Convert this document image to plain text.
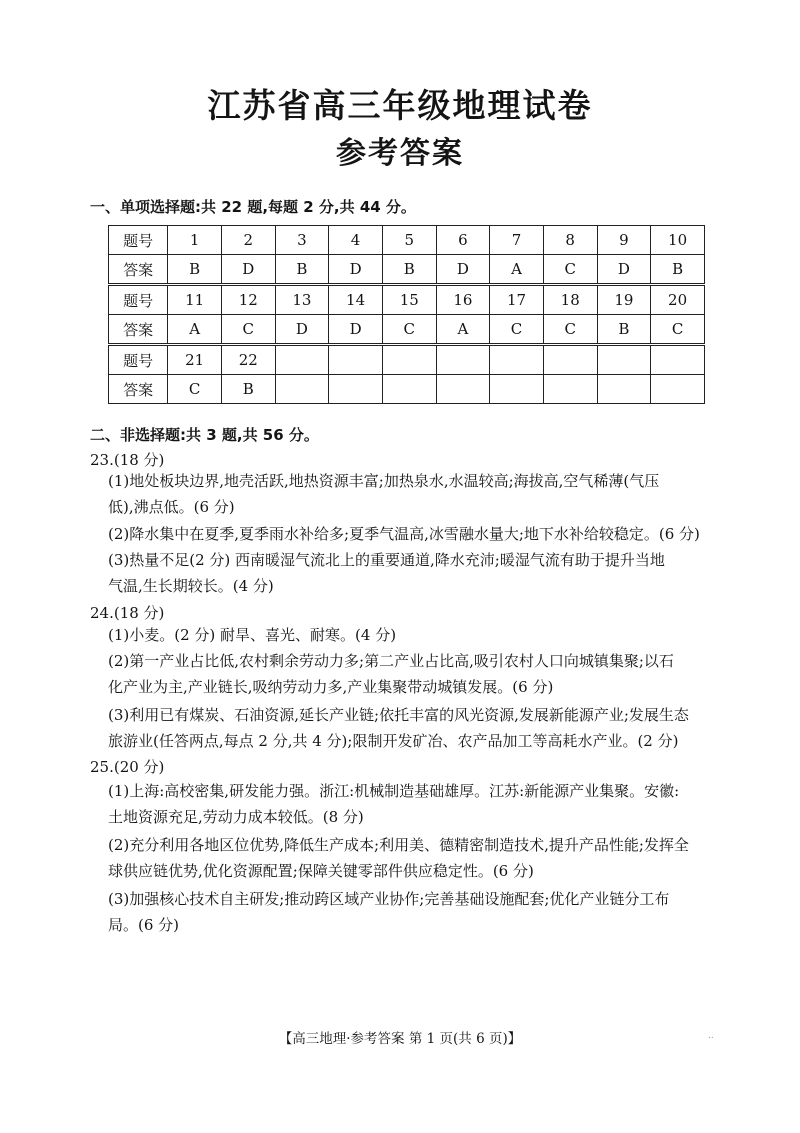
江苏省高三年级地理试卷
参考答案
一、单项选择题:共 22 题,每题 2 分,共 44 分。
题号	1	2	3	4	5	6	7	8	9	10
答案	B	D	B	D	B	D	A	C	D	B
题号	11	12	13	14	15	16	17	18	19	20
答案	A	C	D	D	C	A	C	C	B	C
题号	21	22								
答案	C	B								
二、非选择题:共 3 题,共 56 分。
23.(18 分)
(1)地处板块边界,地壳活跃,地热资源丰富;加热泉水,水温较高;海拔高,空气稀薄(气压
低),沸点低。(6 分)
(2)降水集中在夏季,夏季雨水补给多;夏季气温高,冰雪融水量大;地下水补给较稳定。(6 分)
(3)热量不足(2 分) 西南暖湿气流北上的重要通道,降水充沛;暖湿气流有助于提升当地
气温,生长期较长。(4 分)
24.(18 分)
(1)小麦。(2 分) 耐旱、喜光、耐寒。(4 分)
(2)第一产业占比低,农村剩余劳动力多;第二产业占比高,吸引农村人口向城镇集聚;以石
化产业为主,产业链长,吸纳劳动力多,产业集聚带动城镇发展。(6 分)
(3)利用已有煤炭、石油资源,延长产业链;依托丰富的风光资源,发展新能源产业;发展生态
旅游业(任答两点,每点 2 分,共 4 分);限制开发矿冶、农产品加工等高耗水产业。(2 分)
25.(20 分)
(1)上海:高校密集,研发能力强。浙江:机械制造基础雄厚。江苏:新能源产业集聚。安徽:
土地资源充足,劳动力成本较低。(8 分)
(2)充分利用各地区位优势,降低生产成本;利用美、德精密制造技术,提升产品性能;发挥全
球供应链优势,优化资源配置;保障关键零部件供应稳定性。(6 分)
(3)加强核心技术自主研发;推动跨区域产业协作;完善基础设施配套;优化产业链分工布
局。(6 分)
【高三地理·参考答案 第 1 页(共 6 页)】	..
